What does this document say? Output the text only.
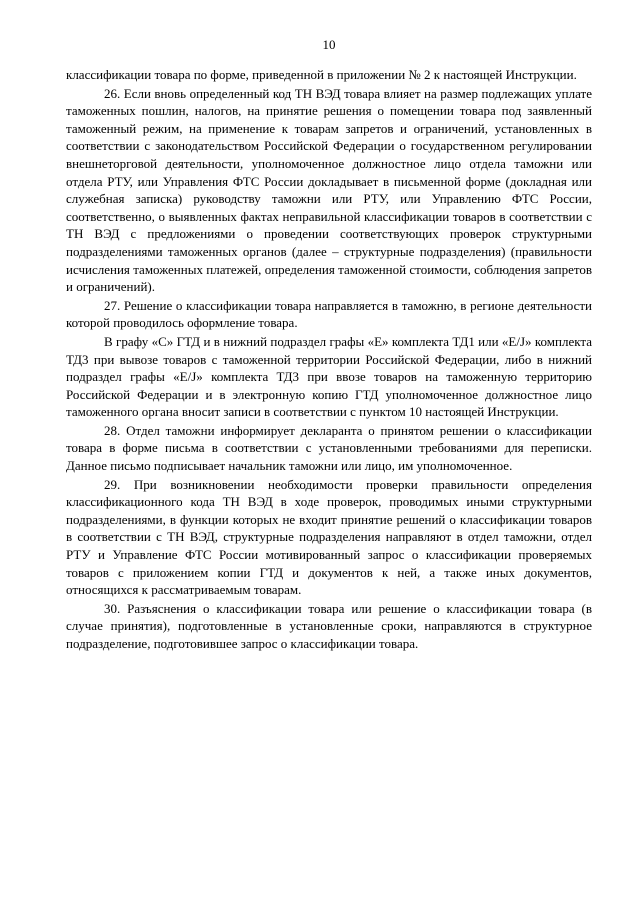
10

классификации товара по форме, приведенной в приложении № 2 к настоящей Инструкции.

26. Если вновь определенный код ТН ВЭД товара влияет на размер подлежащих уплате таможенных пошлин, налогов, на принятие решения о помещении товара под заявленный таможенный режим, на применение к товарам запретов и ограничений, установленных в соответствии с законодательством Российской Федерации о государственном регулировании внешнеторговой деятельности, уполномоченное должностное лицо отдела таможни или отдела РТУ, или Управления ФТС России докладывает в письменной форме (докладная или служебная записка) руководству таможни или РТУ, или Управлению ФТС России, соответственно, о выявленных фактах неправильной классификации товаров в соответствии с ТН ВЭД с предложениями о проведении соответствующих проверок структурными подразделениями таможенных органов (далее – структурные подразделения) (правильности исчисления таможенных платежей, определения таможенной стоимости, соблюдения запретов и ограничений).

27. Решение о классификации товара направляется в таможню, в регионе деятельности которой проводилось оформление товара.

В графу «С» ГТД и в нижний подраздел графы «Е» комплекта ТД1 или «Е/J» комплекта ТД3 при вывозе товаров с таможенной территории Российской Федерации, либо в нижний подраздел графы «Е/J» комплекта ТД3 при ввозе товаров на таможенную территорию Российской Федерации и в электронную копию ГТД уполномоченное должностное лицо таможенного органа вносит записи в соответствии с пунктом 10 настоящей Инструкции.

28. Отдел таможни информирует декларанта о принятом решении о классификации товара в форме письма в соответствии с установленными требованиями для переписки. Данное письмо подписывает начальник таможни или лицо, им уполномоченное.

29. При возникновении необходимости проверки правильности определения классификационного кода ТН ВЭД в ходе проверок, проводимых иными структурными подразделениями, в функции которых не входит принятие решений о классификации товаров в соответствии с ТН ВЭД, структурные подразделения направляют в отдел таможни, отдел РТУ и Управление ФТС России мотивированный запрос о классификации проверяемых товаров с приложением копии ГТД и документов к ней, а также иных документов, относящихся к рассматриваемым товарам.

30. Разъяснения о классификации товара или решение о классификации товара (в случае принятия), подготовленные в установленные сроки, направляются в структурное подразделение, подготовившее запрос о классификации товара.
